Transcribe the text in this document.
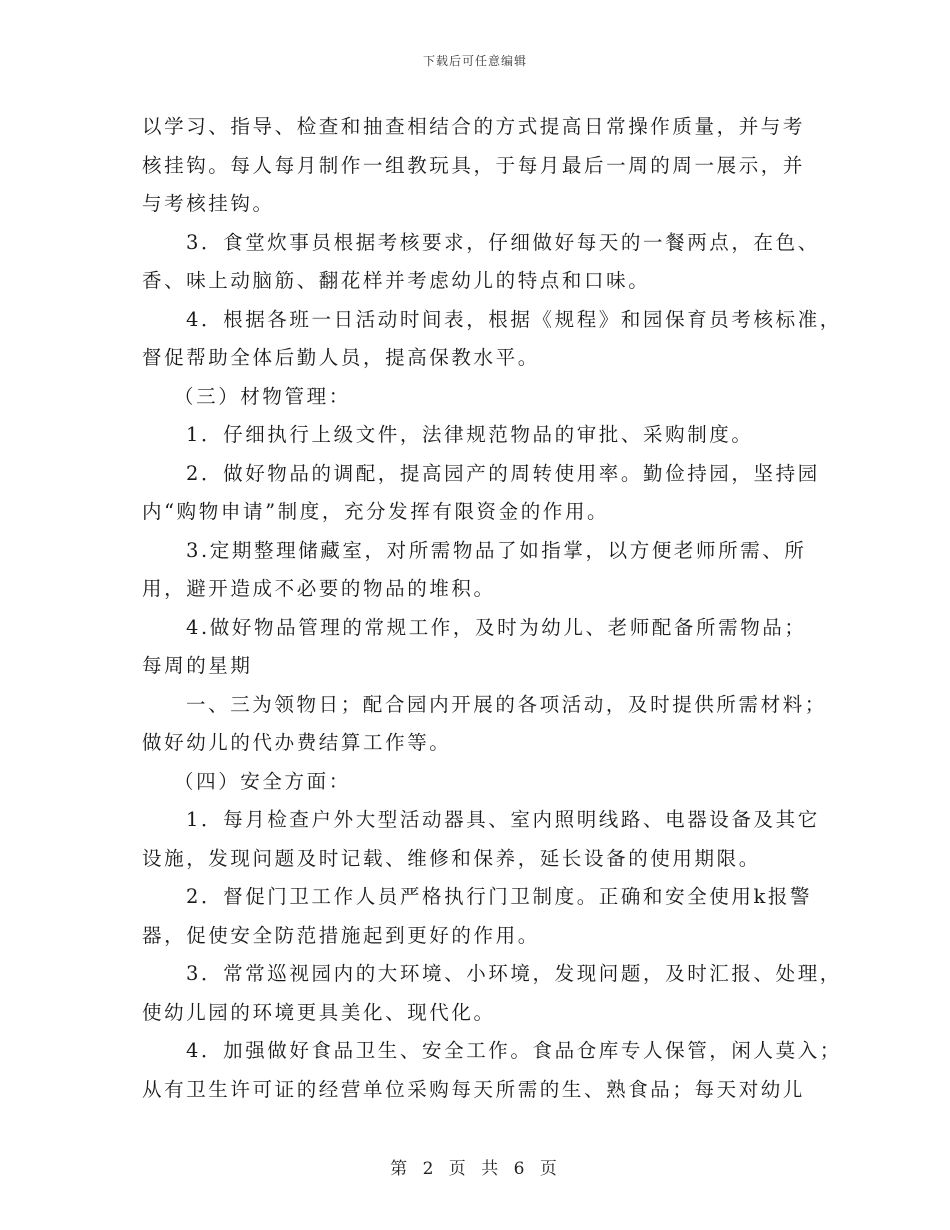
下载后可任意编辑
以学习、指导、检查和抽查相结合的方式提高日常操作质量，并与考
核挂钩。每人每月制作一组教玩具，于每月最后一周的周一展示，并
与考核挂钩。
3．食堂炊事员根据考核要求，仔细做好每天的一餐两点，在色、
香、味上动脑筋、翻花样并考虑幼儿的特点和口味。
4．根据各班一日活动时间表，根据《规程》和园保育员考核标准，
督促帮助全体后勤人员，提高保教水平。
（三）材物管理：
1．仔细执行上级文件，法律规范物品的审批、采购制度。
2．做好物品的调配，提高园产的周转使用率。勤俭持园，坚持园
内“购物申请”制度，充分发挥有限资金的作用。
3.定期整理储藏室，对所需物品了如指掌，以方便老师所需、所
用，避开造成不必要的物品的堆积。
4.做好物品管理的常规工作，及时为幼儿、老师配备所需物品；
每周的星期
一、三为领物日；配合园内开展的各项活动，及时提供所需材料；
做好幼儿的代办费结算工作等。
（四）安全方面：
1．每月检查户外大型活动器具、室内照明线路、电器设备及其它
设施，发现问题及时记载、维修和保养，延长设备的使用期限。
2．督促门卫工作人员严格执行门卫制度。正确和安全使用k报警
器，促使安全防范措施起到更好的作用。
3．常常巡视园内的大环境、小环境，发现问题，及时汇报、处理，
使幼儿园的环境更具美化、现代化。
4．加强做好食品卫生、安全工作。食品仓库专人保管，闲人莫入；
从有卫生许可证的经营单位采购每天所需的生、熟食品；每天对幼儿
第 2 页 共 6 页
